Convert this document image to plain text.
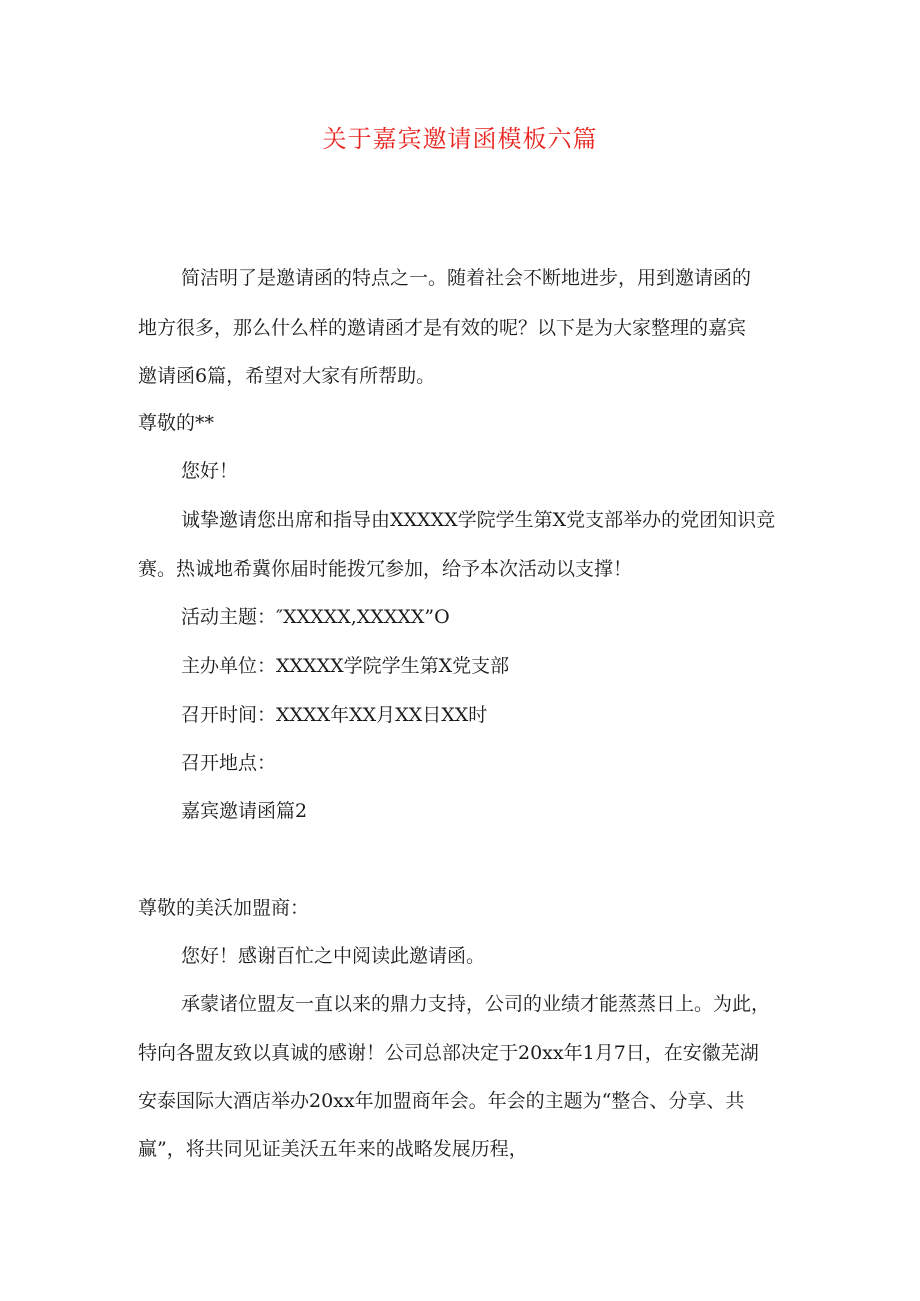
关于嘉宾邀请函模板六篇
简洁明了是邀请函的特点之一。随着社会不断地进步，用到邀请函的
地方很多，那么什么样的邀请函才是有效的呢？以下是为大家整理的嘉宾
邀请函6篇，希望对大家有所帮助。
尊敬的**
您好！
诚挚邀请您出席和指导由XXXXX学院学生第X党支部举办的党团知识竞
赛。热诚地希冀你届时能拨冗参加，给予本次活动以支撑！
活动主题：″XXXXX,XXXXX”O
主办单位：XXXXX学院学生第X党支部
召开时间：XXXX年XX月XX日XX时
召开地点：
嘉宾邀请函篇2
尊敬的美沃加盟商：
您好！感谢百忙之中阅读此邀请函。
承蒙诸位盟友一直以来的鼎力支持，公司的业绩才能蒸蒸日上。为此，
特向各盟友致以真诚的感谢！公司总部决定于20xx年1月7日，在安徽芜湖
安泰国际大酒店举办20xx年加盟商年会。年会的主题为“整合、分享、共
赢”，将共同见证美沃五年来的战略发展历程，
